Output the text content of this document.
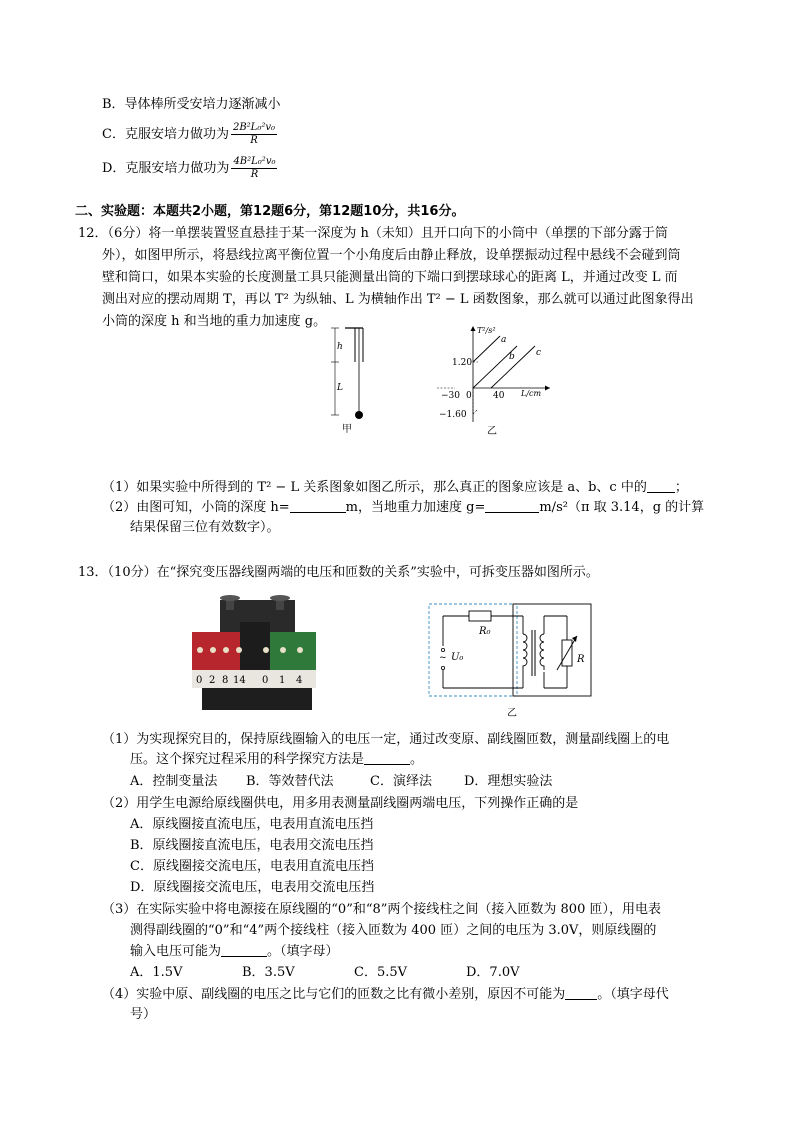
B．导体棒所受安培力逐渐减小
C．克服安培力做功为 $\frac{\text{2B²L₀²v₀}}{R}$
D．克服安培力做功为 $\frac{\text{4B²L₀²v₀}}{R}$
二、实验题：本题共2小题，第12题6分，第12题10分，共16分。
12．（6分）将一单摆装置竖直悬挂于某一深度为 h（未知）且开口向下的小筒中（单摆的下部分露于筒
外），如图甲所示，将悬线拉离平衡位置一个小角度后由静止释放，设单摆振动过程中悬线不会碰到筒
壁和筒口，如果本实验的长度测量工具只能测量出筒的下端口到摆球球心的距离 L，并通过改变 L 而
测出对应的摆动周期 T，再以 T² 为纵轴、L 为横轴作出 T² − L 函数图象，那么就可以通过此图象得出
小筒的深度 h 和当地的重力加速度 g。
h
L
甲
T²/s²
L/cm
1.20
−30 0 40
−1.60
a
b c
乙
（1）如果实验中所得到的 T² − L 关系图象如图乙所示，那么真正的图象应该是 a、b、c 中的 ；
（2）由图可知，小筒的深度 h=	m，当地重力加速度 g=	m/s²（π 取 3.14，g 的计算
结果保留三位有效数字）。
13．（10分）在“探究变压器线圈两端的电压和匝数的关系”实验中，可拆变压器如图所示。
0 2 8 14 0 1 4
R₀
~ U₀	R
乙
（1）为实现探究目的，保持原线圈输入的电压一定，通过改变原、副线圈匝数，测量副线圈上的电
压。这个探究过程采用的科学探究方法是	。
A．控制变量法 B．等效替代法	C．演绎法 D．理想实验法
（2）用学生电源给原线圈供电，用多用表测量副线圈两端电压，下列操作正确的是
A．原线圈接直流电压，电表用直流电压挡
B．原线圈接直流电压，电表用交流电压挡
C．原线圈接交流电压，电表用直流电压挡
D．原线圈接交流电压，电表用交流电压挡
（3）在实际实验中将电源接在原线圈的“0”和“8”两个接线柱之间（接入匝数为 800 匝），用电表
测得副线圈的“0”和“4”两个接线柱（接入匝数为 400 匝）之间的电压为 3.0V，则原线圈的
输入电压可能为	。（填字母）
A．1.5V	B．3.5V	C．5.5V	D．7.0V
（4）实验中原、副线圈的电压之比与它们的匝数之比有微小差别，原因不可能为 。（填字母代
号）
